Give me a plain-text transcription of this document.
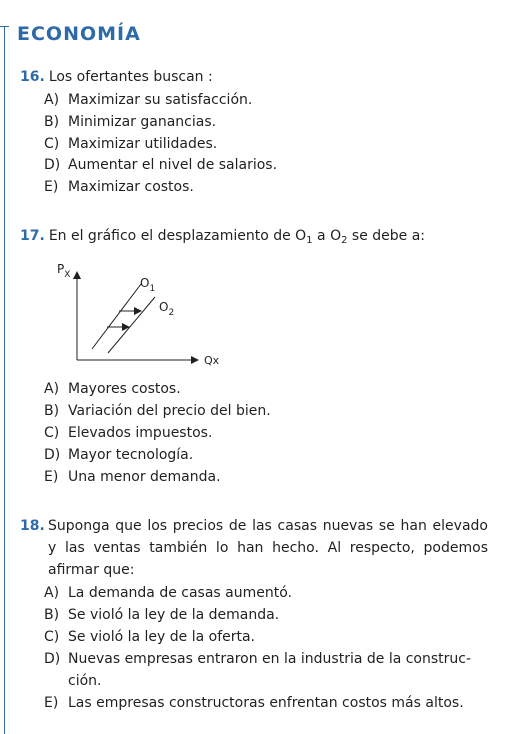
ECONOMÍA
16. Los ofertantes buscan :
A) Maximizar su satisfacción.
B) Minimizar ganancias.
C) Maximizar utilidades.
D) Aumentar el nivel de salarios.
E) Maximizar costos.
17. En el gráfico el desplazamiento de $O_1$ a $O_2$ se debe a:
$P_X$
Qx
$O_1$
$O_2$
A) Mayores costos.
B) Variación del precio del bien.
C) Elevados impuestos.
D) Mayor tecnología.
E) Una menor demanda.
18. Suponga que los precios de las casas nuevas se han elevado
y las ventas también lo han hecho. Al respecto, podemos
afirmar que:
A) La demanda de casas aumentó.
B) Se violó la ley de la demanda.
C) Se violó la ley de la oferta.
D) Nuevas empresas entraron en la industria de la construc-
ción.
E) Las empresas constructoras enfrentan costos más altos.
